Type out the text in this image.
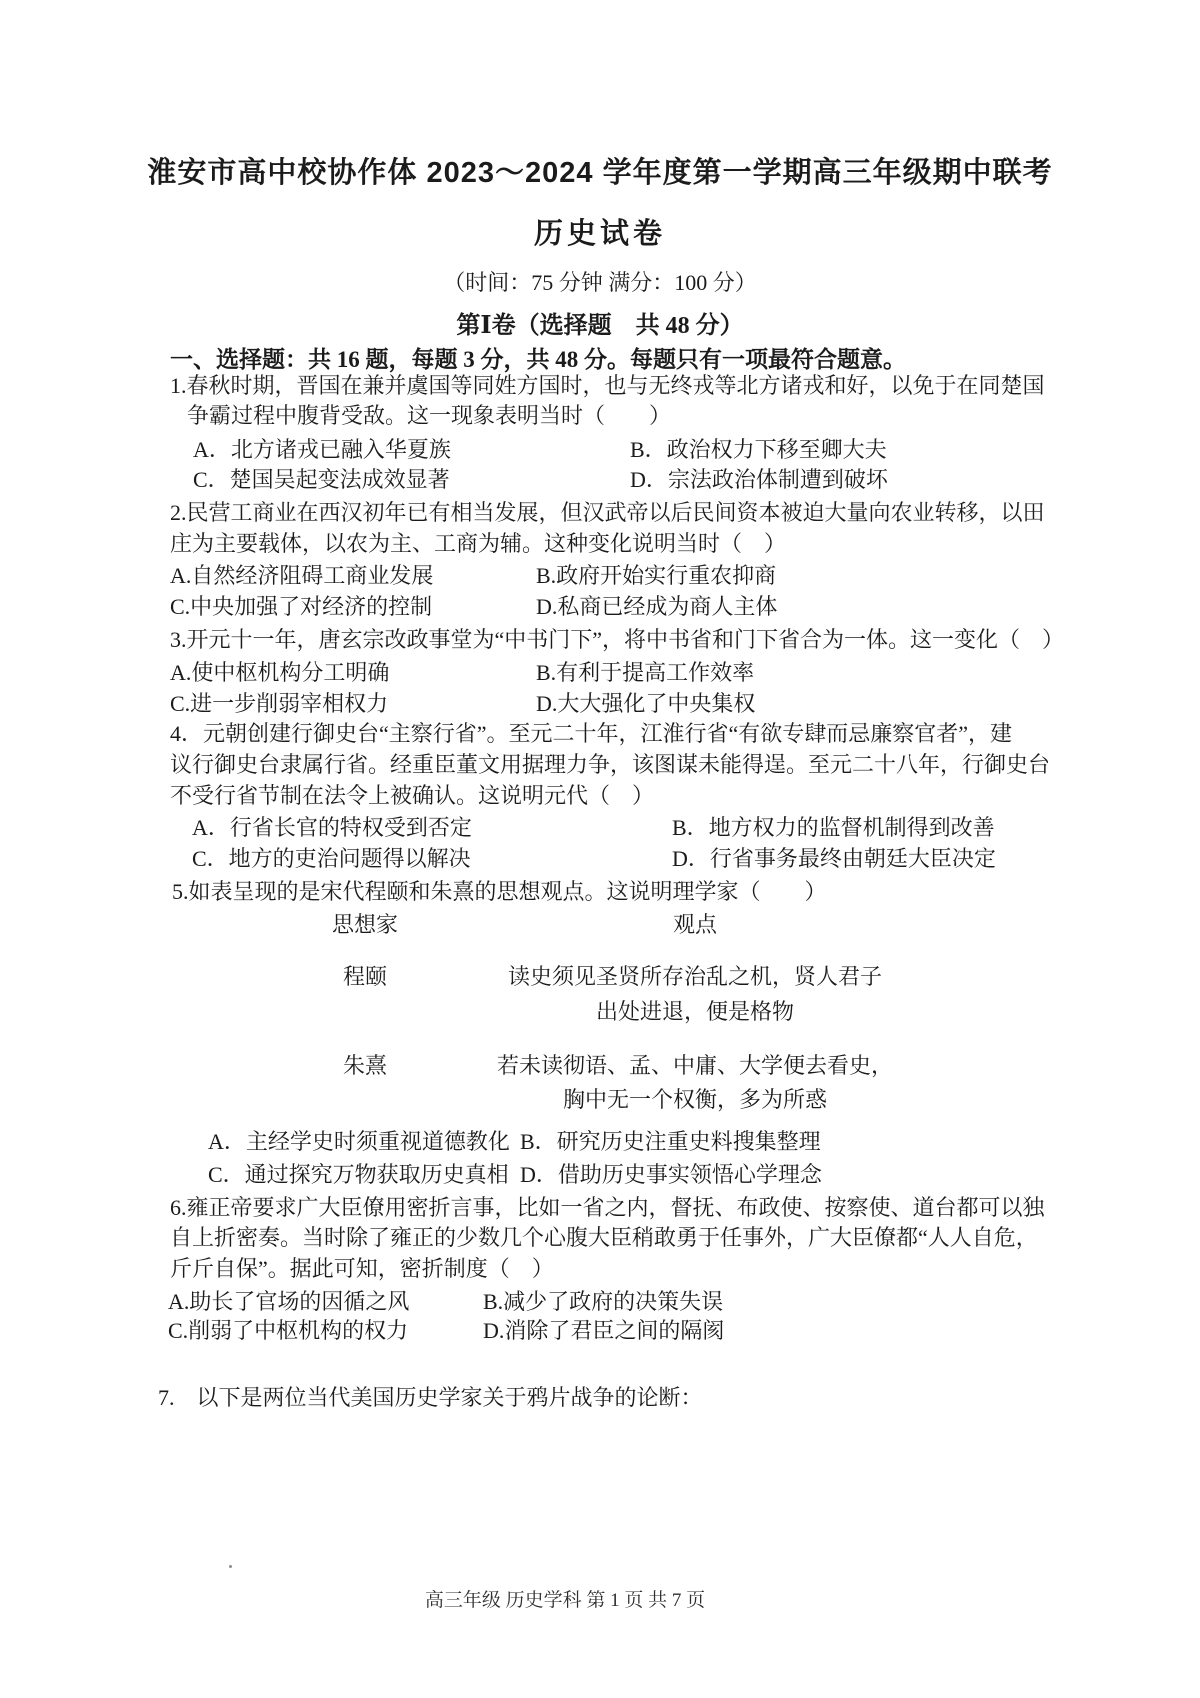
淮安市高中校协作体 2023～2024 学年度第一学期高三年级期中联考
历史试卷
（时间：75 分钟 满分：100 分）
第Ⅰ卷（选择题　共 48 分）
一、选择题：共 16 题，每题 3 分，共 48 分。每题只有一项最符合题意。
1.春秋时期，晋国在兼并虞国等同姓方国时，也与无终戎等北方诸戎和好，以免于在同楚国
争霸过程中腹背受敌。这一现象表明当时（　　）
A．北方诸戎已融入华夏族	B．政治权力下移至卿大夫
C．楚国吴起变法成效显著	D．宗法政治体制遭到破坏
2.民营工商业在西汉初年已有相当发展，但汉武帝以后民间资本被迫大量向农业转移，以田
庄为主要载体，以农为主、工商为辅。这种变化说明当时（　）
A.自然经济阻碍工商业发展	B.政府开始实行重农抑商
C.中央加强了对经济的控制	D.私商已经成为商人主体
3.开元十一年，唐玄宗改政事堂为“中书门下”，将中书省和门下省合为一体。这一变化（　）
A.使中枢机构分工明确	B.有利于提高工作效率
C.进一步削弱宰相权力	D.大大强化了中央集权
4．元朝创建行御史台“主察行省”。至元二十年，江淮行省“有欲专肆而忌廉察官者”，建
议行御史台隶属行省。经重臣董文用据理力争，该图谋未能得逞。至元二十八年，行御史台
不受行省节制在法令上被确认。这说明元代（　）
A．行省长官的特权受到否定	B．地方权力的监督机制得到改善
C．地方的吏治问题得以解决	D．行省事务最终由朝廷大臣决定
5.如表呈现的是宋代程颐和朱熹的思想观点。这说明理学家（　　）
思想家	观点
程颐	读史须见圣贤所存治乱之机，贤人君子
出处进退，便是格物
朱熹	若未读彻语、孟、中庸、大学便去看史，
胸中无一个权衡，多为所惑
A．主经学史时须重视道德教化 B．研究历史注重史料搜集整理
C．通过探究万物获取历史真相 D．借助历史事实领悟心学理念
6.雍正帝要求广大臣僚用密折言事，比如一省之内，督抚、布政使、按察使、道台都可以独
自上折密奏。当时除了雍正的少数几个心腹大臣稍敢勇于任事外，广大臣僚都“人人自危，
斤斤自保”。据此可知，密折制度（　）
A.助长了官场的因循之风	B.减少了政府的决策失误
C.削弱了中枢机构的权力	D.消除了君臣之间的隔阂
7.　以下是两位当代美国历史学家关于鸦片战争的论断：
高三年级 历史学科 第 1 页 共 7 页
